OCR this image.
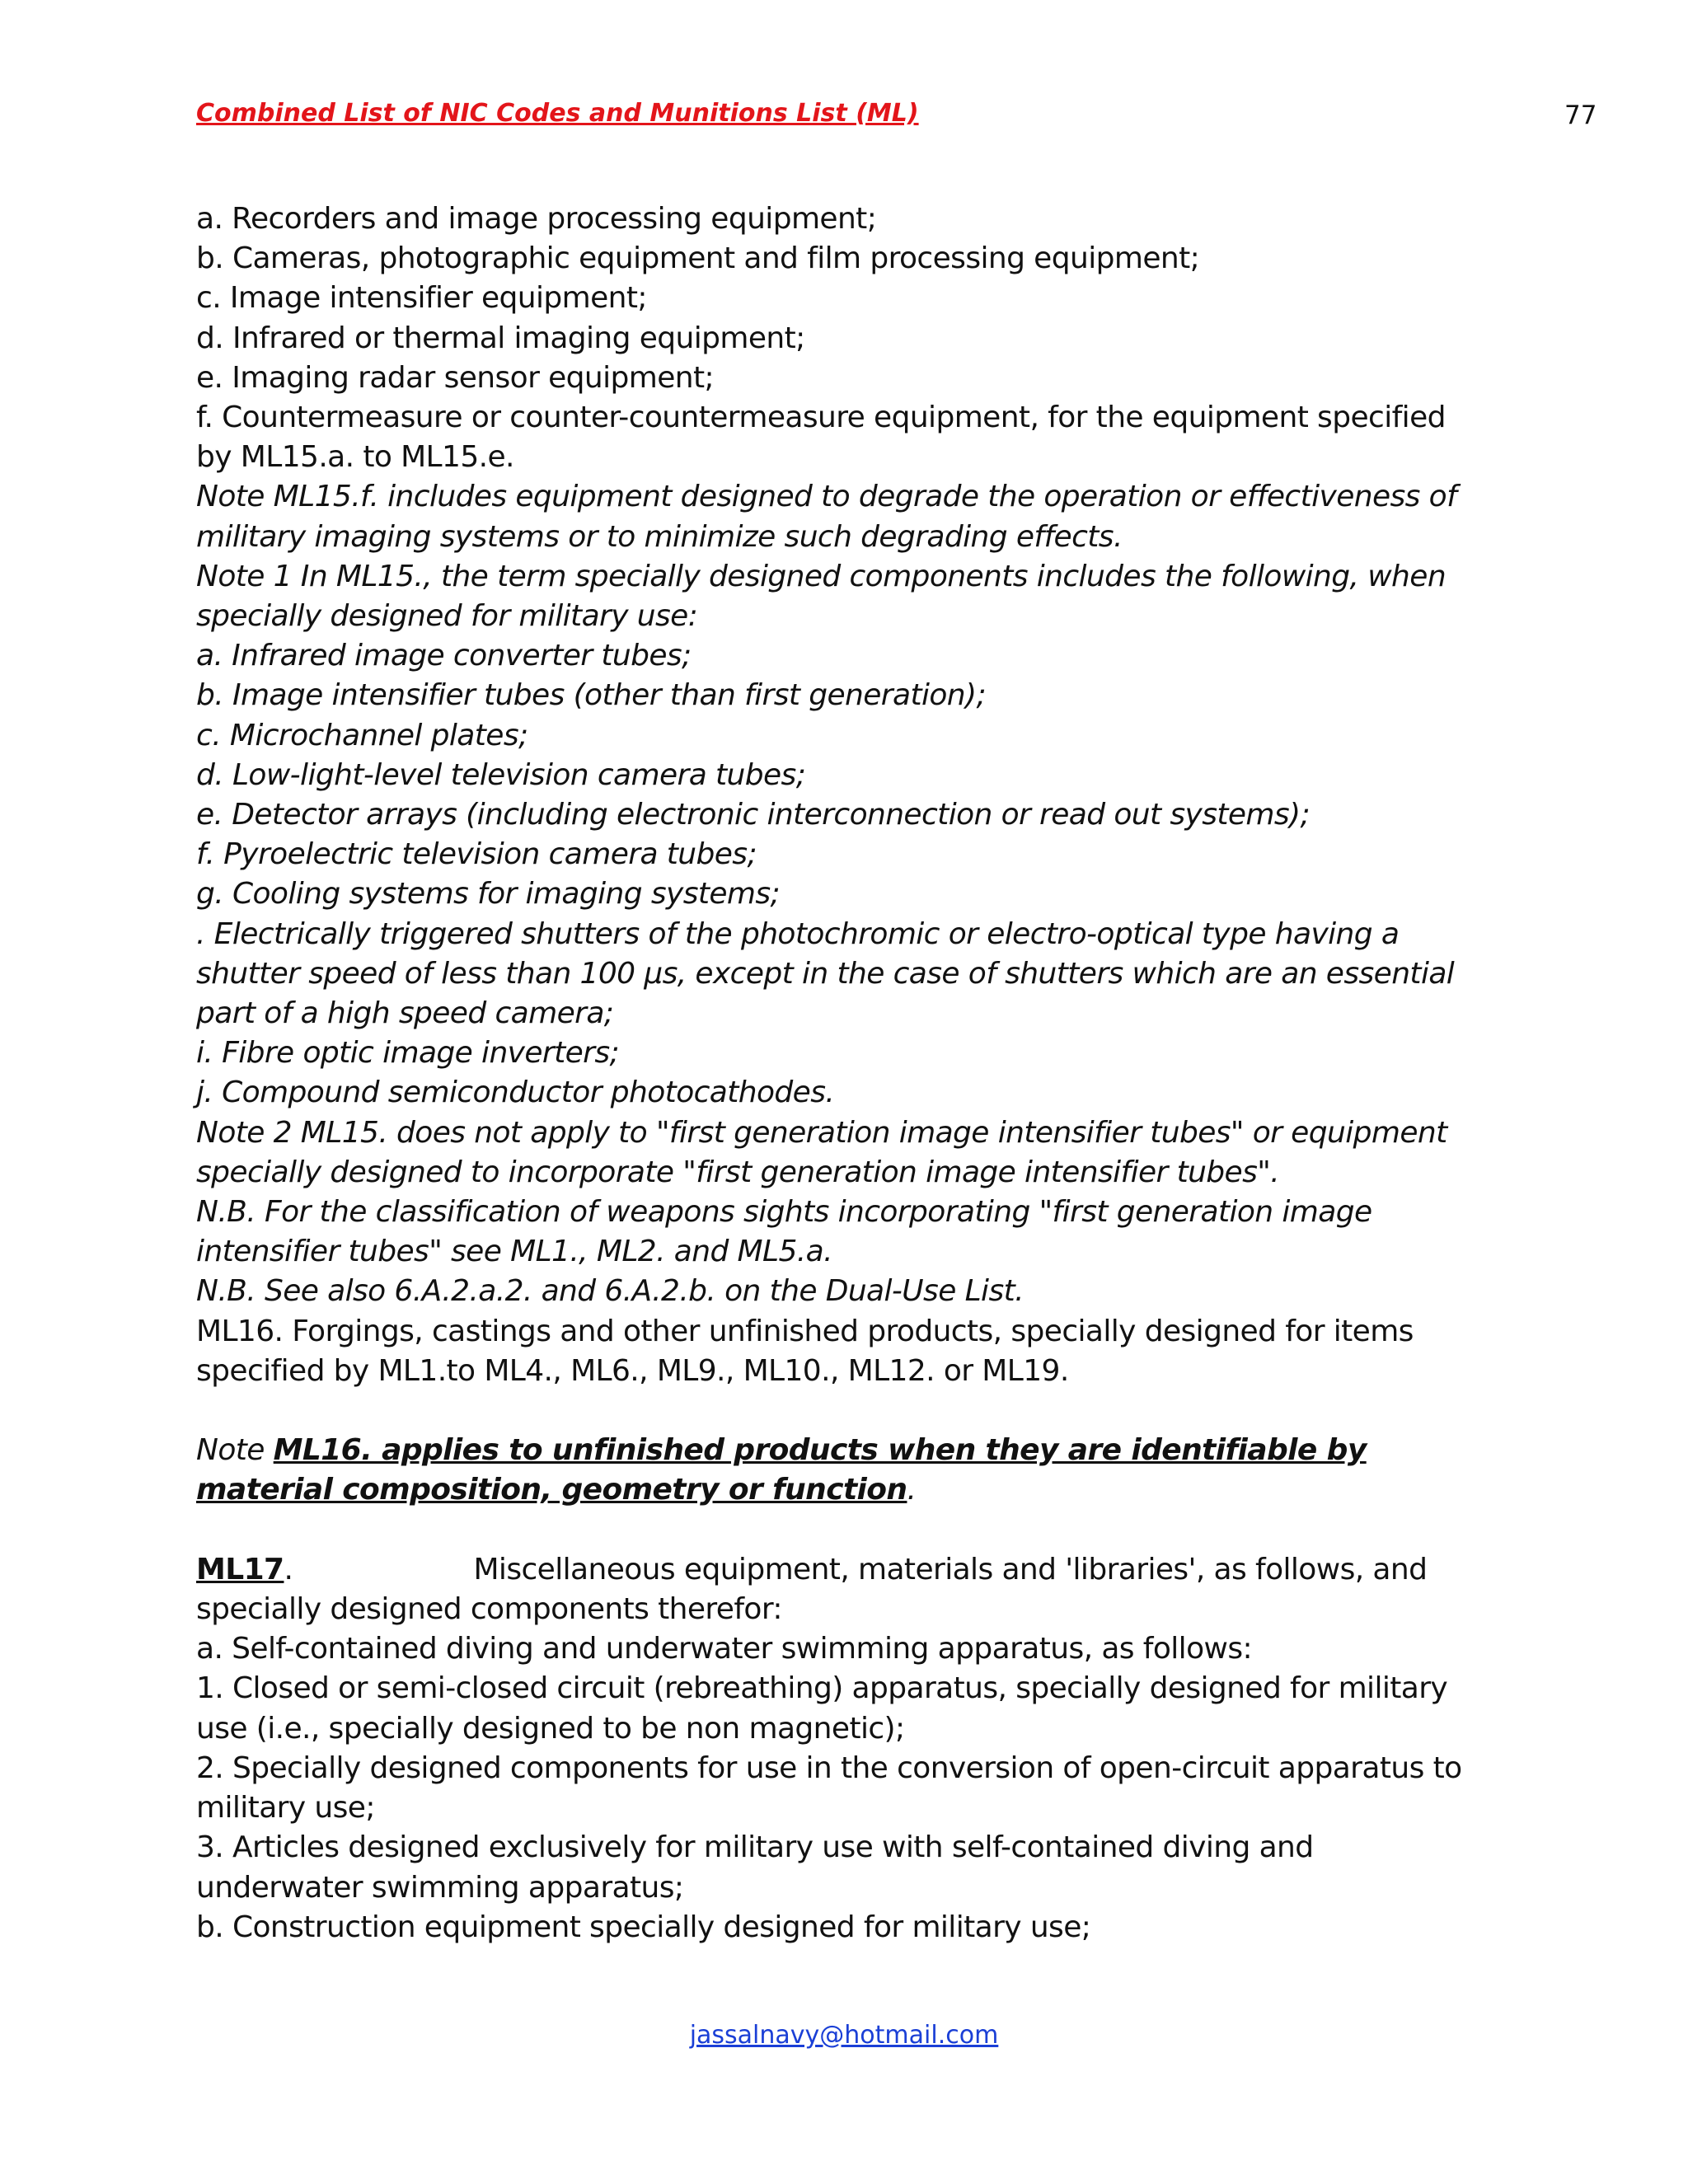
Combined List of NIC Codes and Munitions List (ML)	77
a. Recorders and image processing equipment;
b. Cameras, photographic equipment and film processing equipment;
c. Image intensifier equipment;
d. Infrared or thermal imaging equipment;
e. Imaging radar sensor equipment;
f. Countermeasure or counter-countermeasure equipment, for the equipment specified
by ML15.a. to ML15.e.
Note ML15.f. includes equipment designed to degrade the operation or effectiveness of
military imaging systems or to minimize such degrading effects.
Note 1 In ML15., the term specially designed components includes the following, when
specially designed for military use:
a. Infrared image converter tubes;
b. Image intensifier tubes (other than first generation);
c. Microchannel plates;
d. Low-light-level television camera tubes;
e. Detector arrays (including electronic interconnection or read out systems);
f. Pyroelectric television camera tubes;
g. Cooling systems for imaging systems;
. Electrically triggered shutters of the photochromic or electro-optical type having a
shutter speed of less than 100 µs, except in the case of shutters which are an essential
part of a high speed camera;
i. Fibre optic image inverters;
j. Compound semiconductor photocathodes.
Note 2 ML15. does not apply to "first generation image intensifier tubes" or equipment
specially designed to incorporate "first generation image intensifier tubes".
N.B. For the classification of weapons sights incorporating "first generation image
intensifier tubes" see ML1., ML2. and ML5.a.
N.B. See also 6.A.2.a.2. and 6.A.2.b. on the Dual-Use List.
ML16. Forgings, castings and other unfinished products, specially designed for items
specified by ML1.to ML4., ML6., ML9., ML10., ML12. or ML19.
Note ML16. applies to unfinished products when they are identifiable by
material composition, geometry or function.
ML17.	Miscellaneous equipment, materials and 'libraries', as follows, and
specially designed components therefor:
a. Self-contained diving and underwater swimming apparatus, as follows:
1. Closed or semi-closed circuit (rebreathing) apparatus, specially designed for military
use (i.e., specially designed to be non magnetic);
2. Specially designed components for use in the conversion of open-circuit apparatus to
military use;
3. Articles designed exclusively for military use with self-contained diving and
underwater swimming apparatus;
b. Construction equipment specially designed for military use;
jassalnavy@hotmail.com
